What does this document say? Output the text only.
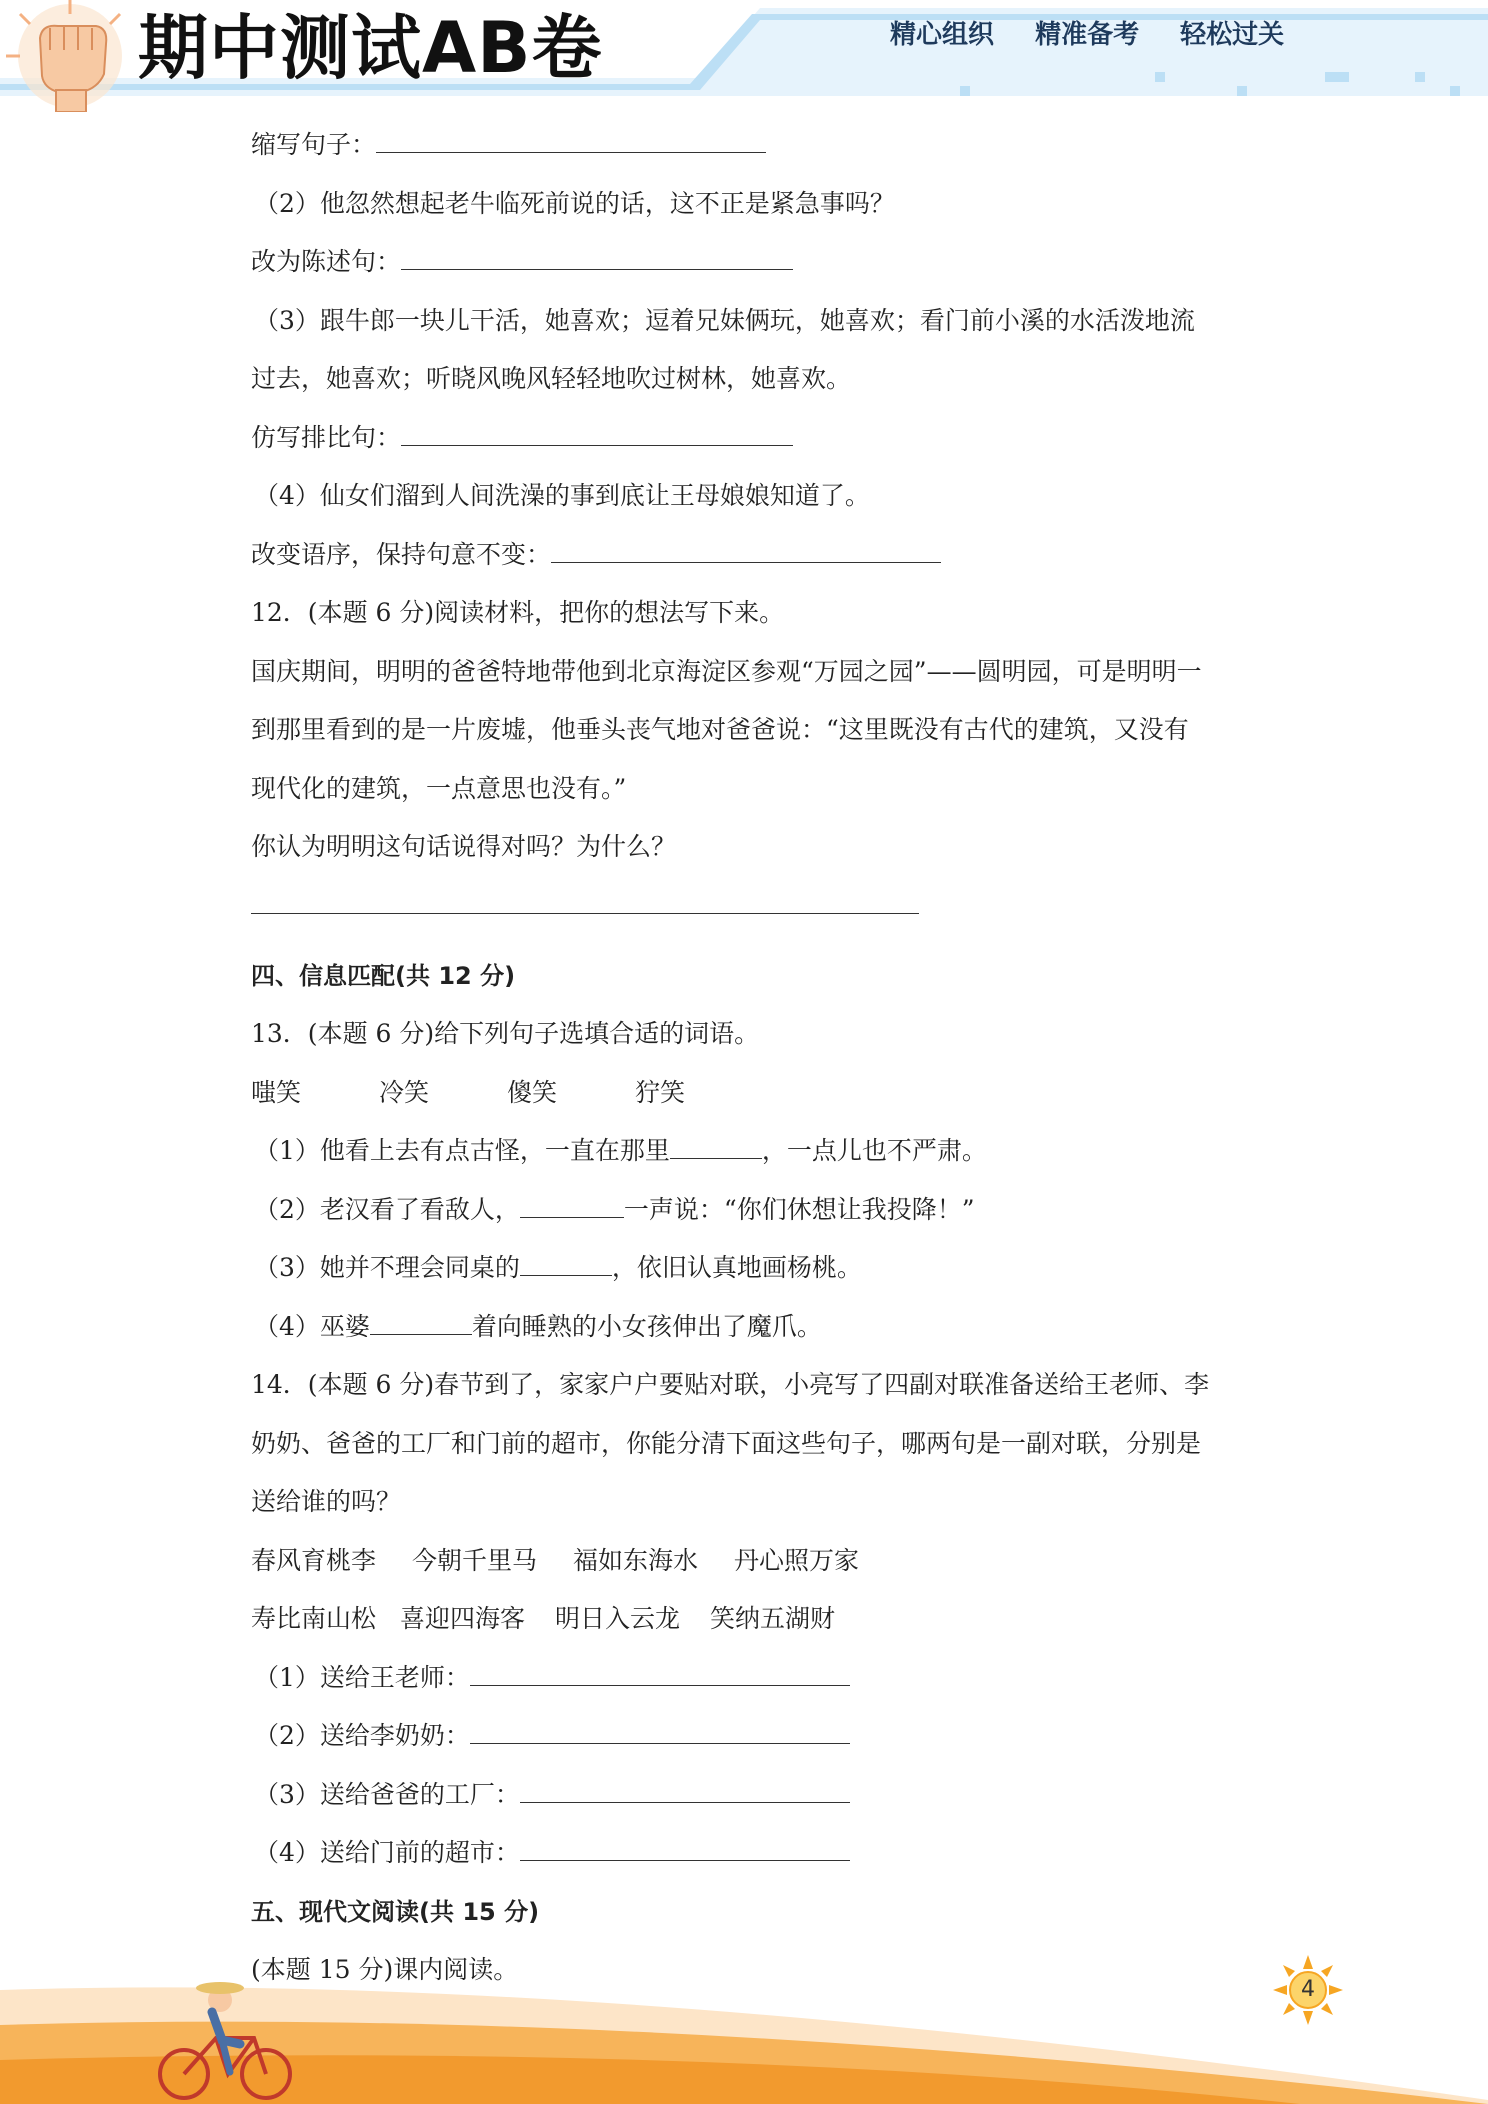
期中测试AB卷	精心组织 精准备考 轻松过关
缩写句子：
（2）他忽然想起老牛临死前说的话，这不正是紧急事吗？
改为陈述句：
（3）跟牛郎一块儿干活，她喜欢；逗着兄妹俩玩，她喜欢；看门前小溪的水活泼地流
过去，她喜欢；听晓风晚风轻轻地吹过树林，她喜欢。
仿写排比句：
（4）仙女们溜到人间洗澡的事到底让王母娘娘知道了。
改变语序，保持句意不变：
12．(本题 6 分)阅读材料，把你的想法写下来。
国庆期间，明明的爸爸特地带他到北京海淀区参观“万园之园”——圆明园，可是明明一
到那里看到的是一片废墟，他垂头丧气地对爸爸说：“这里既没有古代的建筑，又没有
现代化的建筑，一点意思也没有。”
你认为明明这句话说得对吗？为什么？
四、信息匹配(共 12 分)
13．(本题 6 分)给下列句子选填合适的词语。
嗤笑	冷笑	傻笑	狞笑
（1）他看上去有点古怪，一直在那里	，一点儿也不严肃。
（2）老汉看了看敌人，	一声说：“你们休想让我投降！”
（3）她并不理会同桌的	，依旧认真地画杨桃。
（4）巫婆	着向睡熟的小女孩伸出了魔爪。
14．(本题 6 分)春节到了，家家户户要贴对联，小亮写了四副对联准备送给王老师、李
奶奶、爸爸的工厂和门前的超市，你能分清下面这些句子，哪两句是一副对联，分别是
送给谁的吗？
春风育桃李 今朝千里马 福如东海水 丹心照万家
寿比南山松 喜迎四海客 明日入云龙 笑纳五湖财
（1）送给王老师：
（2）送给李奶奶：
（3）送给爸爸的工厂：
（4）送给门前的超市：
五、现代文阅读(共 15 分)
(本题 15 分)课内阅读。
4
